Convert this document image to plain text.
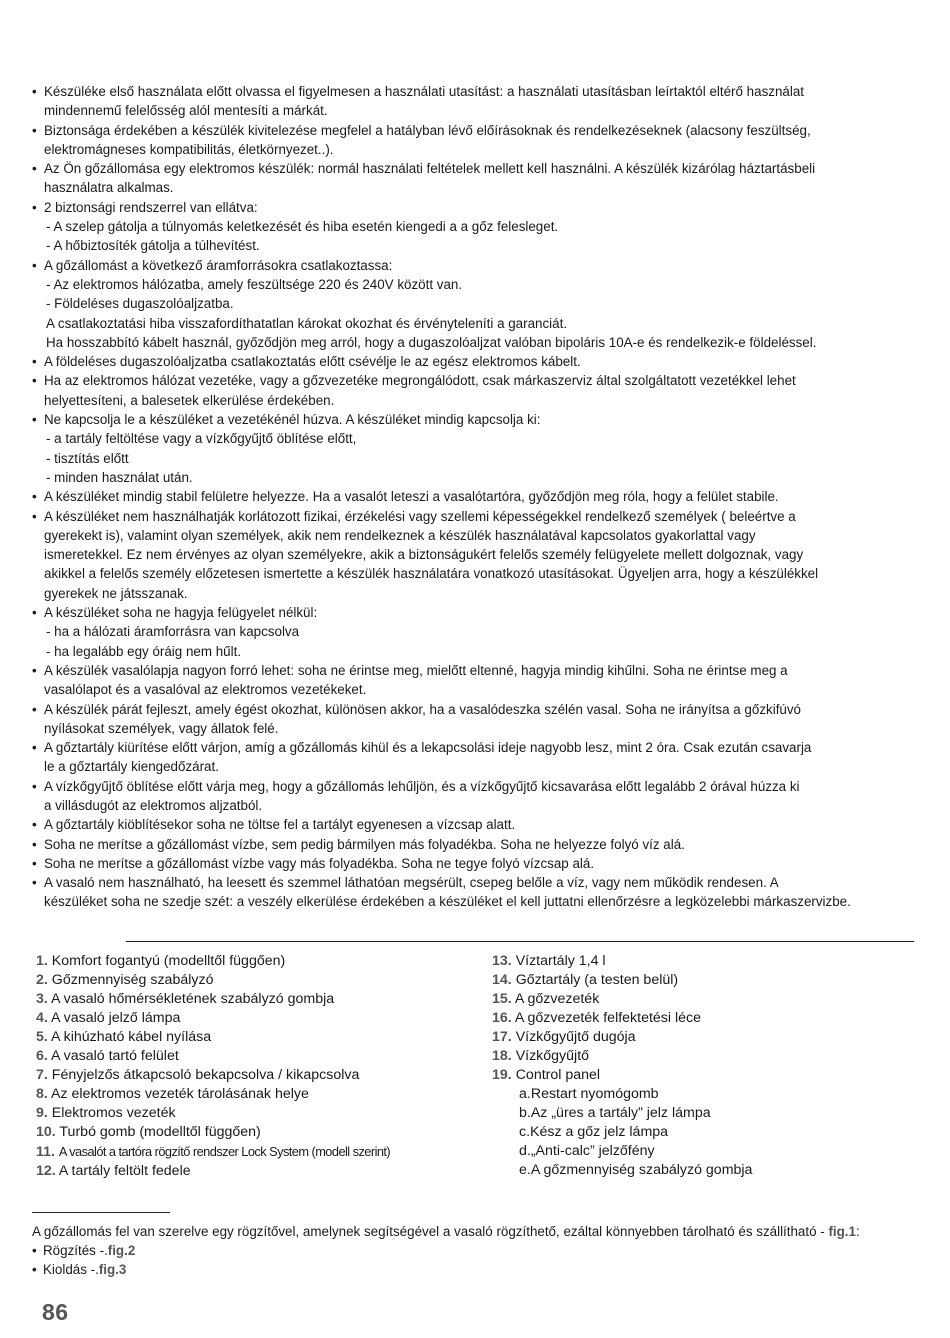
• Készüléke első használata előtt olvassa el figyelmesen a használati utasítást: a használati utasításban leírtaktól eltérő használat
mindennemű felelősség alól mentesíti a márkát.
• Biztonsága érdekében a készülék kivitelezése megfelel a hatályban lévő előírásoknak és rendelkezéseknek (alacsony feszültség,
elektromágneses kompatibilitás, életkörnyezet..).
• Az Ön gőzállomása egy elektromos készülék: normál használati feltételek mellett kell használni. A készülék kizárólag háztartásbeli
használatra alkalmas.
• 2 biztonsági rendszerrel van ellátva:
- A szelep gátolja a túlnyomás keletkezését és hiba esetén kiengedi a a gőz felesleget.
- A hőbiztosíték gátolja a túlhevítést.
• A gőzállomást a következő áramforrásokra csatlakoztassa:
- Az elektromos hálózatba, amely feszültsége 220 és 240V között van.
- Földeléses dugaszolóaljzatba.
A csatlakoztatási hiba visszafordíthatatlan károkat okozhat és érvényteleníti a garanciát.
Ha hosszabbító kábelt használ, győződjön meg arról, hogy a dugaszolóaljzat valóban bipoláris 10A-e és rendelkezik-e földeléssel.
• A földeléses dugaszolóaljzatba csatlakoztatás előtt csévélje le az egész elektromos kábelt.
• Ha az elektromos hálózat vezetéke, vagy a gőzvezetéke megrongálódott, csak márkaszerviz által szolgáltatott vezetékkel lehet
helyettesíteni, a balesetek elkerülése érdekében.
• Ne kapcsolja le a készüléket a vezetékénél húzva. A készüléket mindig kapcsolja ki:
- a tartály feltöltése vagy a vízkőgyűjtő öblítése előtt,
- tisztítás előtt
- minden használat után.
• A készüléket mindig stabil felületre helyezze. Ha a vasalót leteszi a vasalótartóra, győződjön meg róla, hogy a felület stabile.
• A készüléket nem használhatják korlátozott fizikai, érzékelési vagy szellemi képességekkel rendelkező személyek ( beleértve a
gyerekekt is), valamint olyan személyek, akik nem rendelkeznek a készülék használatával kapcsolatos gyakorlattal vagy
ismeretekkel. Ez nem érvényes az olyan személyekre, akik a biztonságukért felelős személy felügyelete mellett dolgoznak, vagy
akikkel a felelős személy előzetesen ismertette a készülék használatára vonatkozó utasításokat. Ügyeljen arra, hogy a készülékkel
gyerekek ne játsszanak.
• A készüléket soha ne hagyja felügyelet nélkül:
- ha a hálózati áramforrásra van kapcsolva
- ha legalább egy óráig nem hűlt.
• A készülék vasalólapja nagyon forró lehet: soha ne érintse meg, mielőtt eltenné, hagyja mindig kihűlni. Soha ne érintse meg a
vasalólapot és a vasalóval az elektromos vezetékeket.
• A készülék párát fejleszt, amely égést okozhat, különösen akkor, ha a vasalódeszka szélén vasal. Soha ne irányítsa a gőzkifúvó
nyílásokat személyek, vagy állatok felé.
• A gőztartály kiürítése előtt várjon, amíg a gőzállomás kihül és a lekapcsolási ideje nagyobb lesz, mint 2 óra. Csak ezután csavarja
le a gőztartály kiengedőzárat.
• A vízkőgyűjtő öblítése előtt várja meg, hogy a gőzállomás lehűljön, és a vízkőgyűjtő kicsavarása előtt legalább 2 órával húzza ki
a villásdugót az elektromos aljzatból.
• A gőztartály kiöblítésekor soha ne töltse fel a tartályt egyenesen a vízcsap alatt.
• Soha ne merítse a gőzállomást vízbe, sem pedig bármilyen más folyadékba. Soha ne helyezze folyó víz alá.
• Soha ne merítse a gőzállomást vízbe vagy más folyadékba. Soha ne tegye folyó vízcsap alá.
• A vasaló nem használható, ha leesett és szemmel láthatóan megsérült, csepeg belőle a víz, vagy nem működik rendesen. A
készüléket soha ne szedje szét: a veszély elkerülése érdekében a készüléket el kell juttatni ellenőrzésre a legközelebbi márkaszervizbe.
1. Komfort fogantyú (modelltől függően)
2. Gőzmennyiség szabályzó
3. A vasaló hőmérsékletének szabályzó gombja
4. A vasaló jelző lámpa
5. A kihúzható kábel nyílása
6. A vasaló tartó felület
7. Fényjelzős átkapcsoló bekapcsolva / kikapcsolva
8. Az elektromos vezeték tárolásának helye
9. Elektromos vezeték
10. Turbó gomb (modelltől függően)
11. A vasalót a tartóra rögzítő rendszer Lock System (modell szerint)
12. A tartály feltölt fedele
13. Víztartály 1,4 l
14. Gőztartály (a testen belül)
15. A gőzvezeték
16. A gőzvezeték felfektetési léce
17. Vízkőgyűjtő dugója
18. Vízkőgyűjtő
19. Control panel
a.Restart nyomógomb
b.Az „üres a tartály” jelz lámpa
c.Kész a gőz jelz lámpa
d.„Anti-calc” jelzőfény
e.A gőzmennyiség szabályzó gombja

A gőzállomás fel van szerelve egy rögzítővel, amelynek segítségével a vasaló rögzíthető, ezáltal könnyebben tárolható és szállítható - fig.1:

• Rögzítés -.fig.2
• Kioldás -.fig.3
86
